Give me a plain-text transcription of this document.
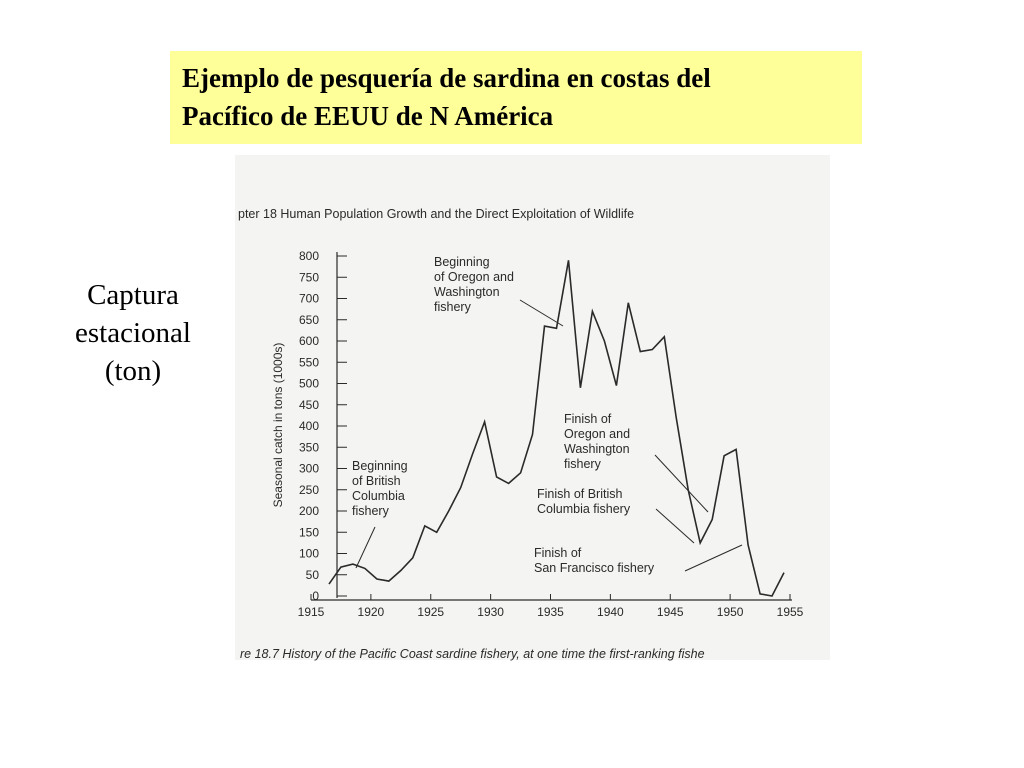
Ejemplo de pesquería de sardina en costas del
Pacífico de EEUU de N América
Captura
estacional
(ton)
pter 18 Human Population Growth and the Direct Exploitation of Wildlife
re 18.7 History of the Pacific Coast sardine fishery, at one time the first-ranking fishe
Seasonal catch in tons (1000s)
0
50
100
150
200
250
300
350
400
450
500
550
600
650
700
750
800
1915	1920	1925	1930	1935	1940	1945	1950	1955
Beginning of Oregon and Washington fishery
Beginning of British Columbia fishery
Finish of Oregon and Washington fishery
Finish of British Columbia fishery
Finish of San Francisco fishery
